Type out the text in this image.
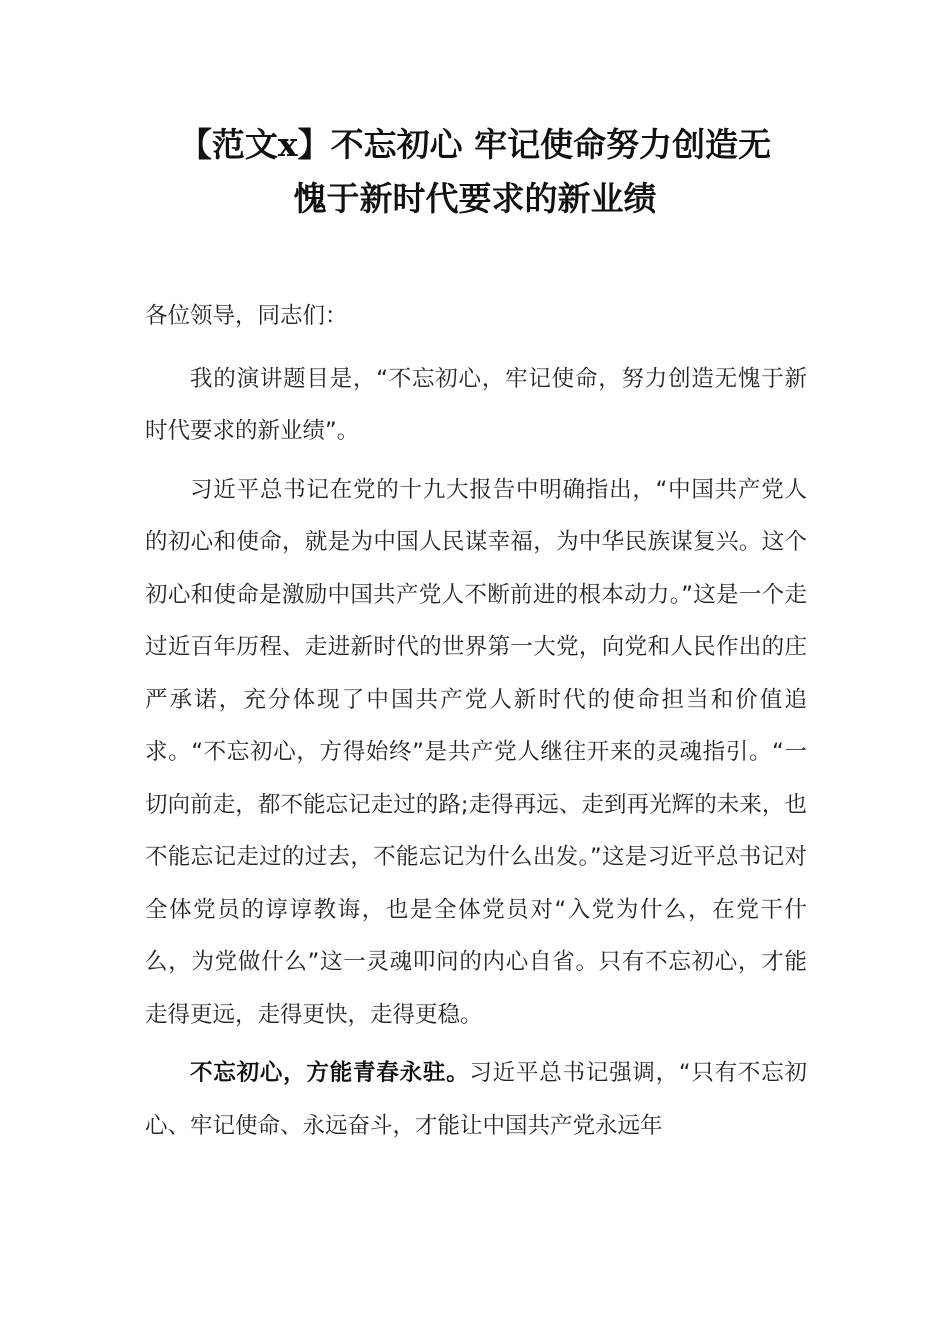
【范文x】不忘初心 牢记使命努力创造无
愧于新时代要求的新业绩

各位领导，同志们：

我的演讲题目是，“不忘初心，牢记使命，努力创造无愧于新时代要求的新业绩”。

习近平总书记在党的十九大报告中明确指出，“中国共产党人的初心和使命，就是为中国人民谋幸福，为中华民族谋复兴。这个初心和使命是激励中国共产党人不断前进的根本动力。”这是一个走过近百年历程、走进新时代的世界第一大党，向党和人民作出的庄严承诺，充分体现了中国共产党人新时代的使命担当和价值追求。“不忘初心，方得始终”是共产党人继往开来的灵魂指引。“一切向前走，都不能忘记走过的路;走得再远、走到再光辉的未来，也不能忘记走过的过去，不能忘记为什么出发。”这是习近平总书记对全体党员的谆谆教诲，也是全体党员对“入党为什么，在党干什么，为党做什么”这一灵魂叩问的内心自省。只有不忘初心，才能走得更远，走得更快，走得更稳。

不忘初心，方能青春永驻。习近平总书记强调，“只有不忘初心、牢记使命、永远奋斗，才能让中国共产党永远年
